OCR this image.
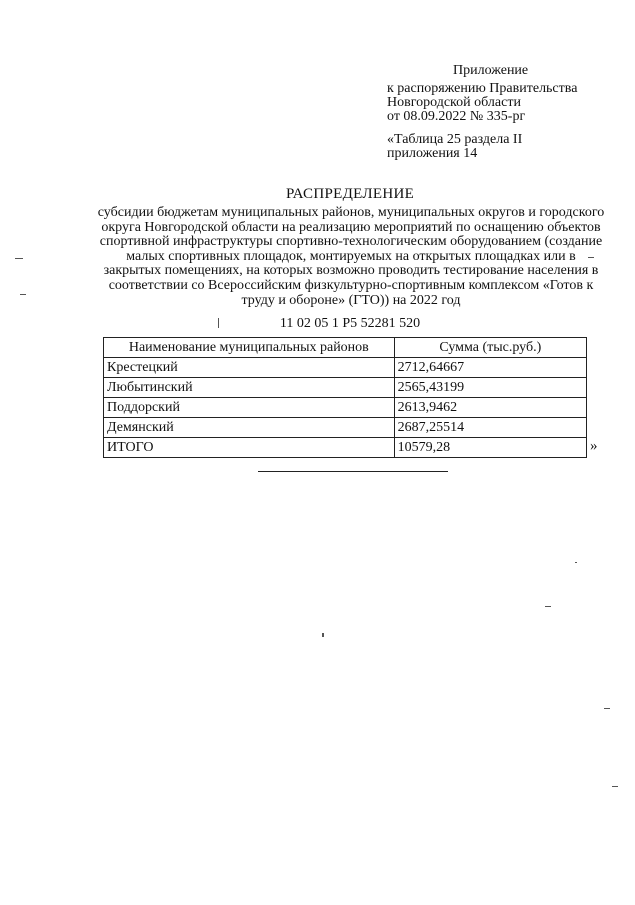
Приложение
к распоряжению Правительства
Новгородской области
от 08.09.2022 № 335-рг
«Таблица 25 раздела II
приложения 14
РАСПРЕДЕЛЕНИЕ
субсидии бюджетам муниципальных районов, муниципальных округов и городского округа Новгородской области на реализацию мероприятий по оснащению объектов спортивной инфраструктуры спортивно-технологическим оборудованием (создание малых спортивных площадок, монтируемых на открытых площадках или в закрытых помещениях, на которых возможно проводить тестирование населения в соответствии со Всероссийским физкультурно-спортивным комплексом «Готов к труду и обороне» (ГТО)) на 2022 год
11 02 05 1 P5 52281 520
Наименование муниципальных районов	Сумма (тыс.руб.)
Крестецкий	2712,64667
Любытинский	2565,43199
Поддорский	2613,9462
Демянский	2687,25514
ИТОГО	10579,28	»
